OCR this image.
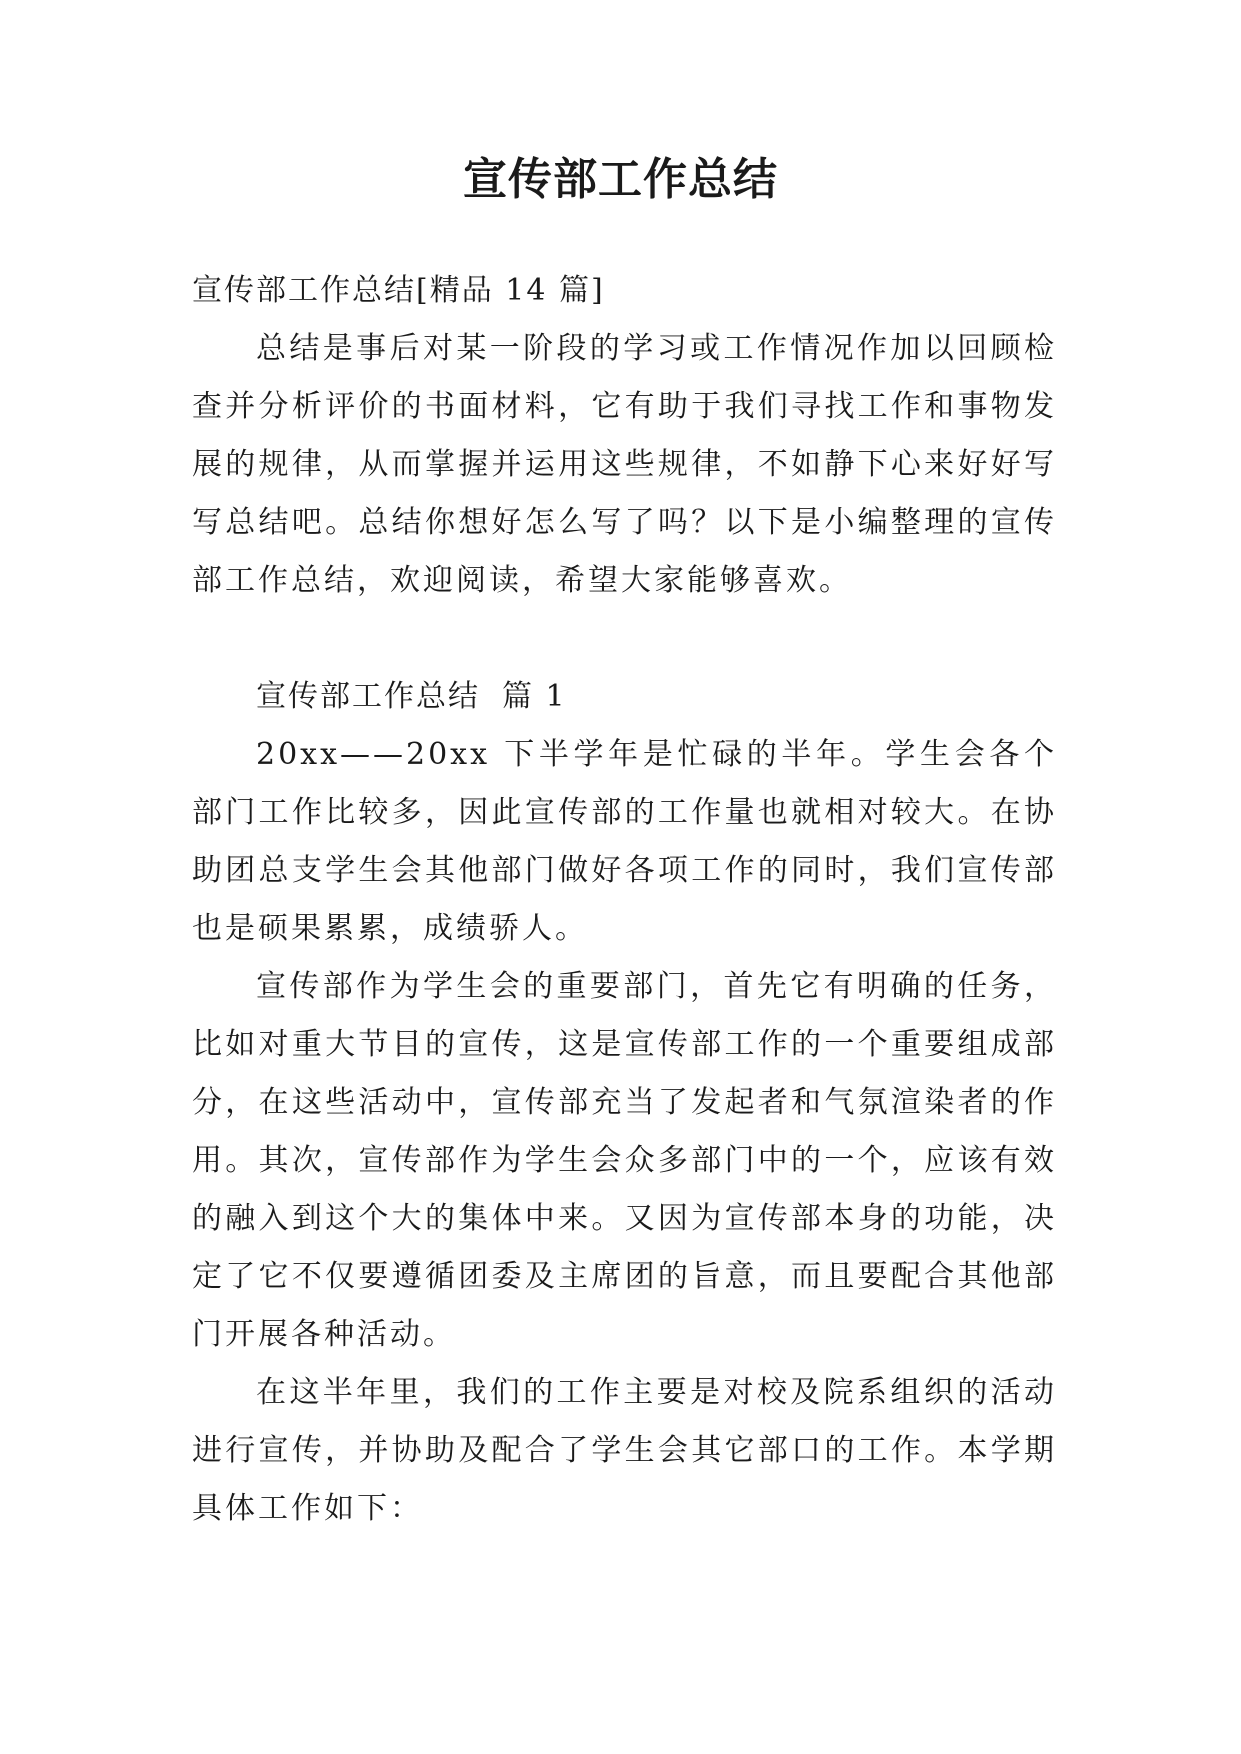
宣传部工作总结

宣传部工作总结[精品 14 篇]

总结是事后对某一阶段的学习或工作情况作加以回顾检查并分析评价的书面材料，它有助于我们寻找工作和事物发展的规律，从而掌握并运用这些规律，不如静下心来好好写写总结吧。总结你想好怎么写了吗？以下是小编整理的宣传部工作总结，欢迎阅读，希望大家能够喜欢。

宣传部工作总结 篇 1

20xx——20xx 下半学年是忙碌的半年。学生会各个部门工作比较多，因此宣传部的工作量也就相对较大。在协助团总支学生会其他部门做好各项工作的同时，我们宣传部也是硕果累累，成绩骄人。

宣传部作为学生会的重要部门，首先它有明确的任务，比如对重大节目的宣传，这是宣传部工作的一个重要组成部分，在这些活动中，宣传部充当了发起者和气氛渲染者的作用。其次，宣传部作为学生会众多部门中的一个，应该有效的融入到这个大的集体中来。又因为宣传部本身的功能，决定了它不仅要遵循团委及主席团的旨意，而且要配合其他部门开展各种活动。

在这半年里，我们的工作主要是对校及院系组织的活动进行宣传，并协助及配合了学生会其它部口的工作。本学期具体工作如下：
